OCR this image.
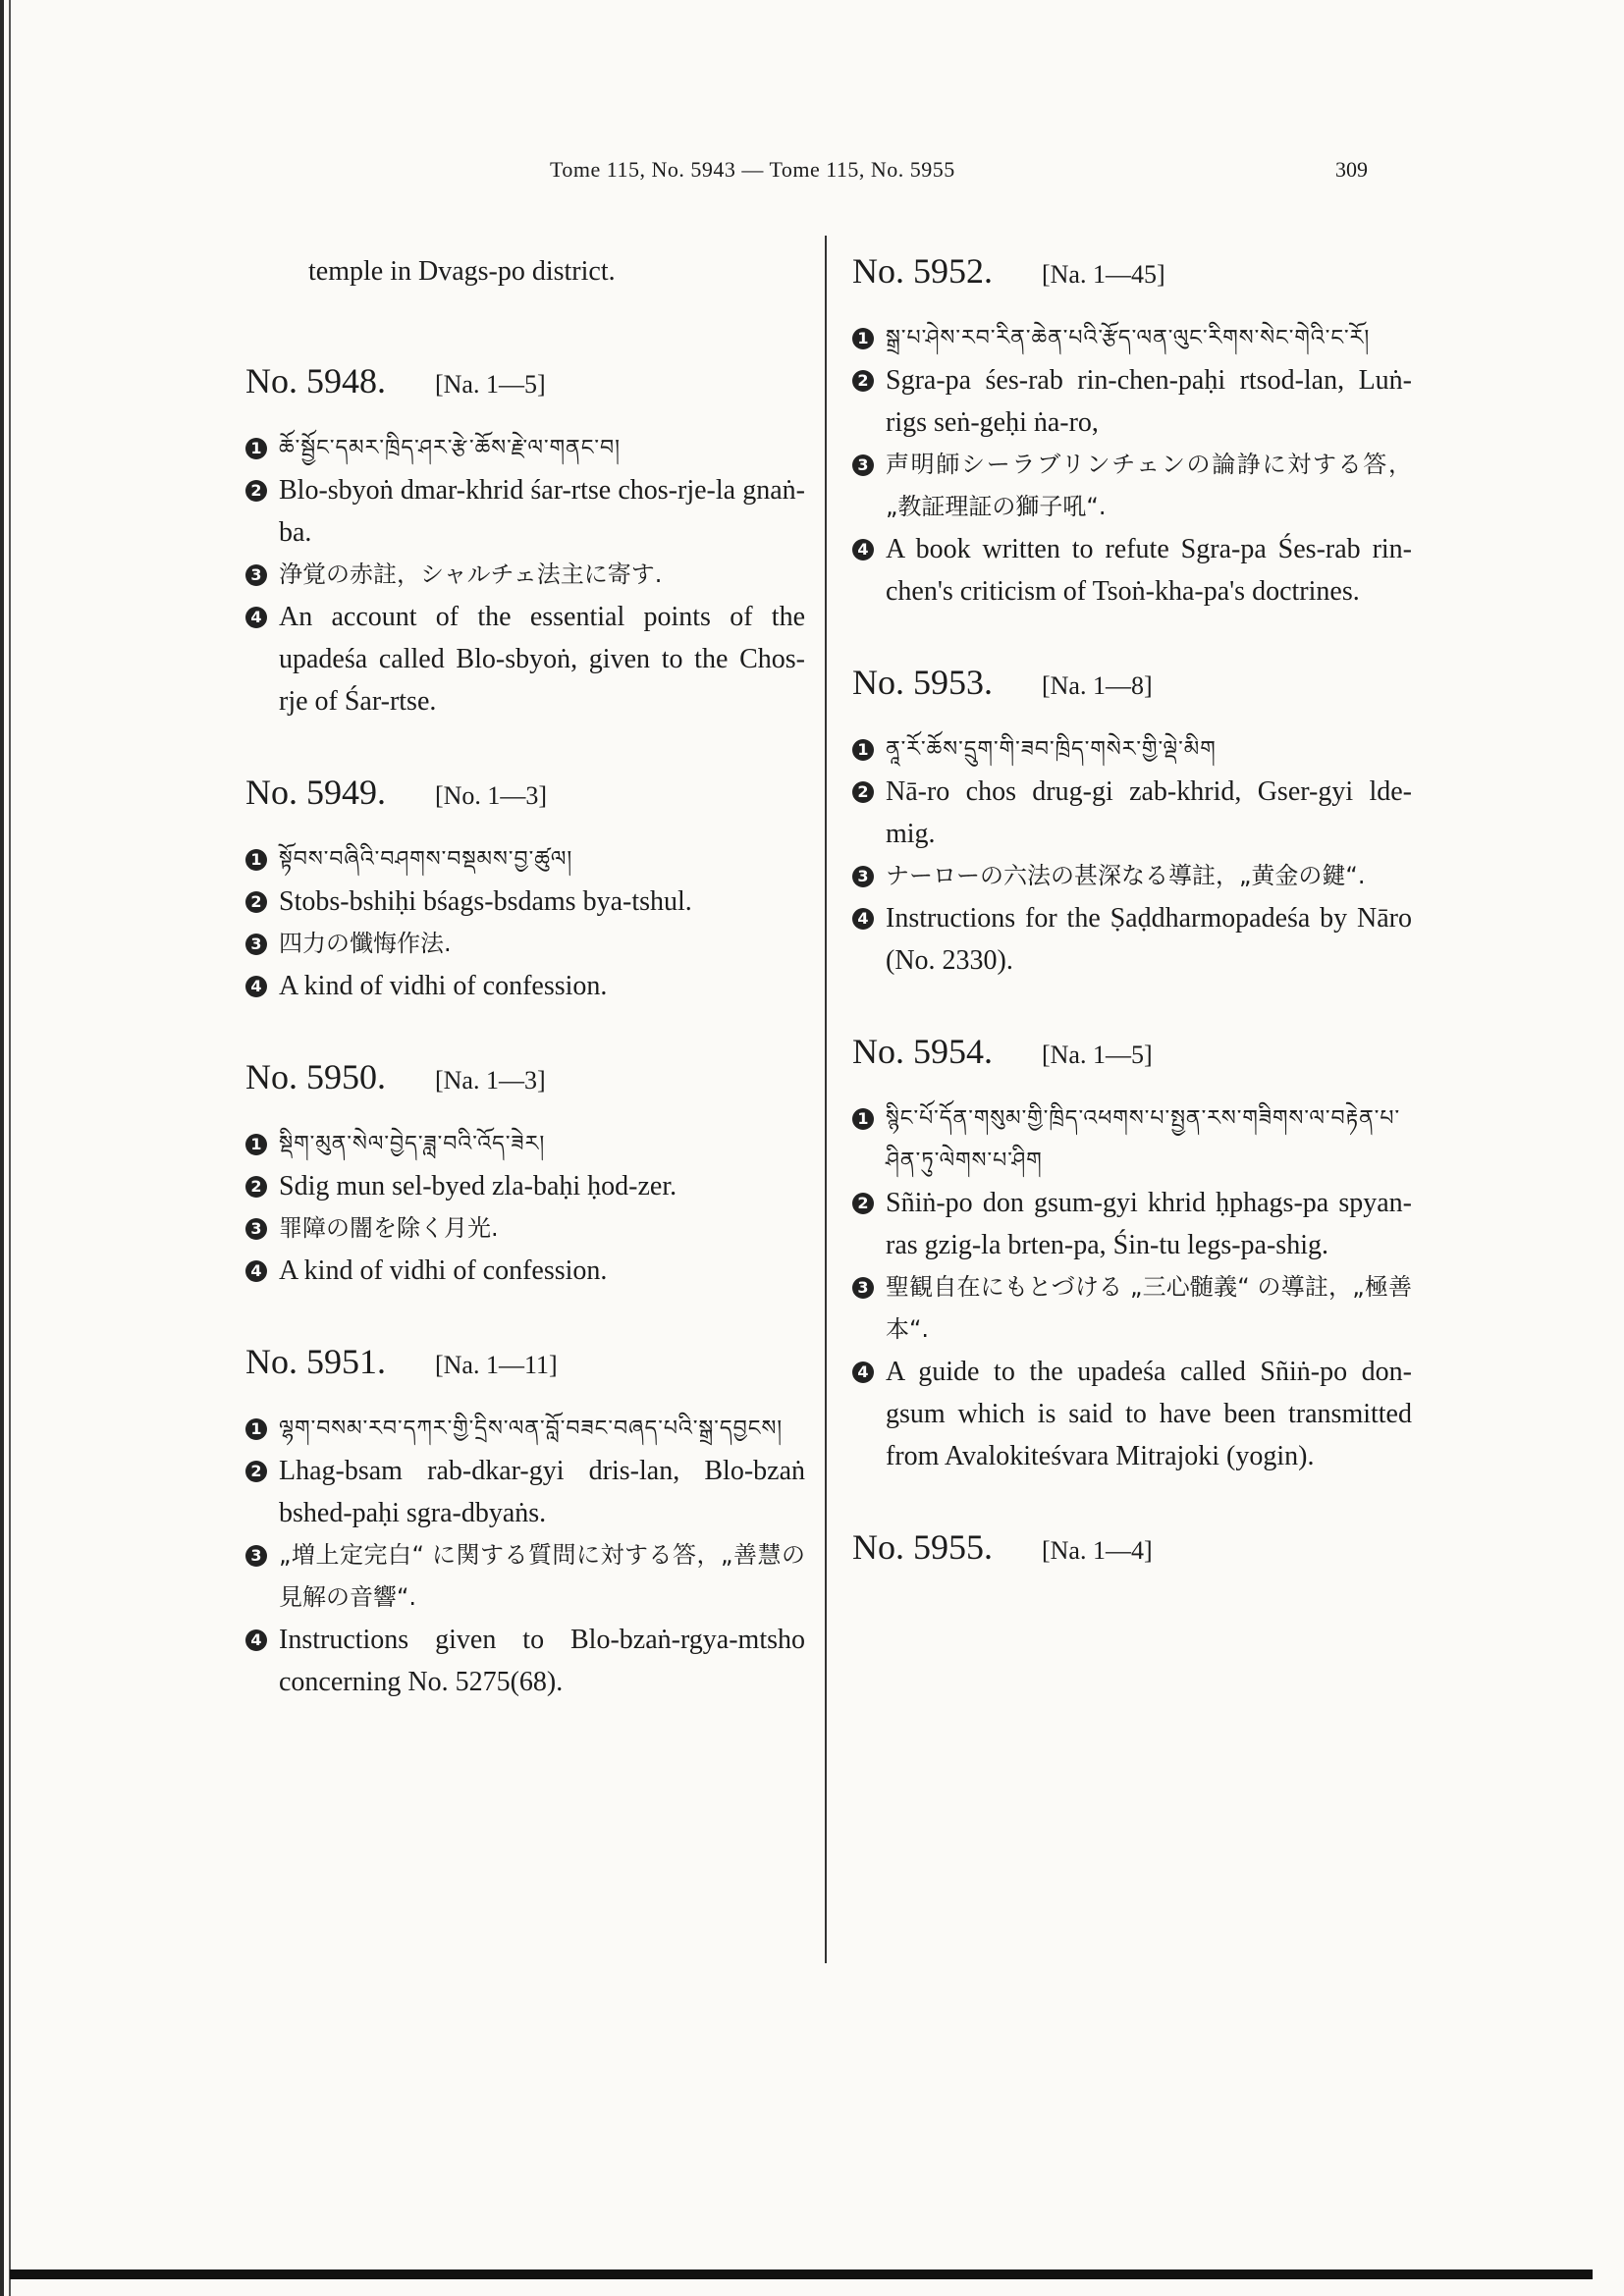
Tome 115, No. 5943 — Tome 115, No. 5955	309
temple in Dvags-po district.
No. 5948. [Na. 1—5]
1 ཆོ་སྦྱོང་དམར་ཁྲིད་ཤར་རྩེ་ཆོས་རྗེ་ལ་གནང་བ།
2 Blo-sbyoṅ dmar-khrid śar-rtse chos-rje-la gnaṅ-ba.
3 浄覚の赤註，シャルチェ法主に寄す.
4 An account of the essential points of the upadeśa called Blo-sbyoṅ, given to the Chos-rje of Śar-rtse.
No. 5949. [No. 1—3]
1 སྟོབས་བཞིའི་བཤགས་བསྡམས་བྱ་ཚུལ།
2 Stobs-bshiḥi bśags-bsdams bya-tshul.
3 四力の懺悔作法.
4 A kind of vidhi of confession.
No. 5950. [Na. 1—3]
1 སྡིག་མུན་སེལ་བྱེད་ཟླ་བའི་འོད་ཟེར།
2 Sdig mun sel-byed zla-baḥi ḥod-zer.
3 罪障の闇を除く月光.
4 A kind of vidhi of confession.
No. 5951. [Na. 1—11]
1 ལྷག་བསམ་རབ་དཀར་གྱི་དྲིས་ལན་བློ་བཟང་བཞད་པའི་སྒྲ་དབྱངས།
2 Lhag-bsam rab-dkar-gyi dris-lan, Blo-bzaṅ bshed-paḥi sgra-dbyaṅs.
3 „増上定完白“ に関する質問に対する答，„善慧の見解の音響“.
4 Instructions given to Blo-bzaṅ-rgya-mtsho concerning No. 5275(68).
No. 5952. [Na. 1—45]
1 སྒྲ་པ་ཤེས་རབ་རིན་ཆེན་པའི་རྩོད་ལན་ལུང་རིགས་སེང་གེའི་ང་རོ།
2 Sgra-pa śes-rab rin-chen-paḥi rtsod-lan, Luṅ-rigs seṅ-geḥi ṅa-ro,
3 声明師シーラブリンチェンの論諍に対する答，„教証理証の獅子吼“.
4 A book written to refute Sgra-pa Śes-rab rin-chen's criticism of Tsoṅ-kha-pa's doctrines.
No. 5953. [Na. 1—8]
1 ནཱ་རོ་ཆོས་དྲུག་གི་ཟབ་ཁྲིད་གསེར་གྱི་ལྡེ་མིག
2 Nā-ro chos drug-gi zab-khrid, Gser-gyi lde-mig.
3 ナーローの六法の甚深なる導註，„黄金の鍵“.
4 Instructions for the Ṣaḍdharmopadeśa by Nāro (No. 2330).
No. 5954. [Na. 1—5]
1 སྙིང་པོ་དོན་གསུམ་གྱི་ཁྲིད་འཕགས་པ་སྤྱན་རས་གཟིགས་ལ་བརྟེན་པ་ཤིན་ཏུ་ལེགས་པ་ཤིག
2 Sñiṅ-po don gsum-gyi khrid ḥphags-pa spyan-ras gzig-la brten-pa, Śin-tu legs-pa-shig.
3 聖観自在にもとづける „三心髄義“ の導註，„極善本“.
4 A guide to the upadeśa called Sñiṅ-po don-gsum which is said to have been transmitted from Avalokiteśvara Mitrajoki (yogin).
No. 5955. [Na. 1—4]
